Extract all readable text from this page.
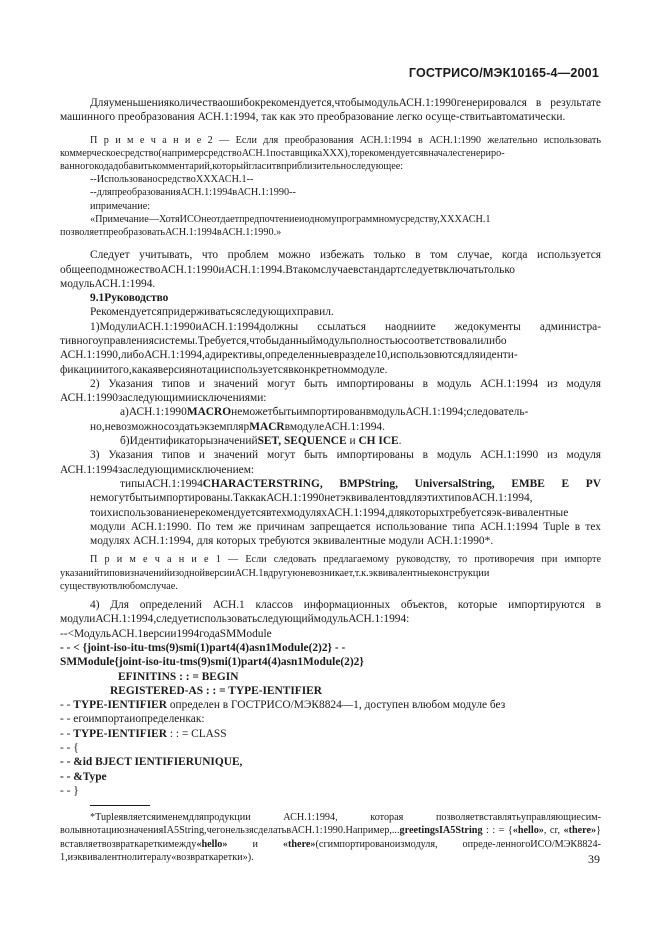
ГОСТРИСО/МЭК10165-4—2001

Дляуменьшенияколичестваошибокрекомендуется,чтобымодульАСН.1:1990генерировался в результате машинного преобразования АСН.1:1994, так как это преобразование легко осуще-ствитьавтоматически.

П р и м е ч а н и е 2 — Если для преобразования АСН.1:1994 в АСН.1:1990 желательно использовать коммерческоесредство(напримерсредствоАСН.1поставщикаXXX),торекомендуетсявначалесгенериро-ванногокодадобавитькомментарий,которыйгласитвприблизительноследующее:

--ИспользованосредствоXXXАСН.1--
--дляпреобразованияАСН.1:1994вАСН.1:1990--
ипримечание:

«Примечание—ХотяИСОнеотдаетпредпочтениеиодномупрограммномусредству,XXXАСН.1 позволяетпреобразоватьАСН.1:1994вАСН.1:1990.»

Следует учитывать, что проблем можно избежать только в том случае, когда используется общееподмножествоАСН.1:1990иАСН.1:1994.Втакомслучаевстандартследуетвключатьтолько модульАСН.1:1994.

9.1Руководство

Рекомендуетсяпридерживатьсяследующихправил.

1)МодулиАСН.1:1990иАСН.1:1994должны ссылаться наодниите жедокументы администра-тивногоуправлениясистемы.Требуется,чтобыданныймодульполностьюсоответствовалилибо АСН.1:1990,либоАСН.1:1994,адирективы,определенныевразделе10,использовютсядляиденти-фикацииитого,какаяверсиянотацииспользуетсявконкретноммодуле.

2) Указания типов и значений могут быть импортированы в модуль АСН.1:1994 из модуля АСН.1:1990заследующимиисключениями:

а)АСН.1:1990MACROнеможетбытьимпортированвмодульАСН.1:1994;следователь-но,невозможносоздатьэкземплярMACRвмодулеАСН.1:1994.

б)ИдентификаторызначенийSET, SEQUENCE и CH ICE.

3) Указания типов и значений могут быть импортированы в модуль АСН.1:1990 из модуля АСН.1:1994заследующимисключением:

типыАСН.1:1994CHARACTERSTRING, BMPString, UniversalString, EMBE E PV немогутбытьимпортированы.ТаккакАСН.1:1990нетэквивалентовдляэтихтиповАСН.1:1994, тоихиспользованиенерекомендуетсявтехмодуляхАСН.1:1994,длякоторыхтребуетсяэк-вивалентные модули АСН.1:1990. По тем же причинам запрещается использование типа АСН.1:1994 Tuple в тех модулях АСН.1:1994, для которых требуются эквивалентные модули АСН.1:1990*.

П р и м е ч а н и е 1 — Если следовать предлагаемому руководству, то противоречия при импорте указанийтиповизначенийизоднойверсииАСН.1вдругуюневозникает,т.к.эквивалентныеконструкции существуютвлюбомслучае.

4) Для определений АСН.1 классов информационных объектов, которые импортируются в модулиАСН.1:1994,следуетиспользоватьследующиймодульАСН.1:1994:

--<МодульАСН.1версии1994годаSMModule
- - < {joint-iso-itu-tms(9)smi(1)part4(4)asn1Module(2)2} - -
SMModule{joint-iso-itu-tms(9)smi(1)part4(4)asn1Module(2)2}
EFINITINS : : = BEGIN
REGISTERED-AS : : = TYPE-IENTIFIER
- - TYPE-IENTIFIER определен в ГОСТРИСО/МЭК8824—1, доступен влюбом модуле без
- - егоимпортаиопределенкак:
- - TYPE-IENTIFIER : : = CLASS
- - {
- - &id BJECT IENTIFIERUNIQUE,
- - &Type
- - }

*Tupleявляетсяименемдляпродукции АСН.1:1994, которая позволяетвставлятьуправляющиесим-волывнотациюзначенияIA5String,чегонельзясделатьвАСН.1:1990.Например,...greetingsIA5String : : = {«hello», cr, «there»} вставляетвозвраткареткимежду«hello» и «there»(сгимпортированоизмодуля, опреде-ленногоИСО/МЭК8824-1,иэквивалентнолитералу«возвраткаретки»).	39
